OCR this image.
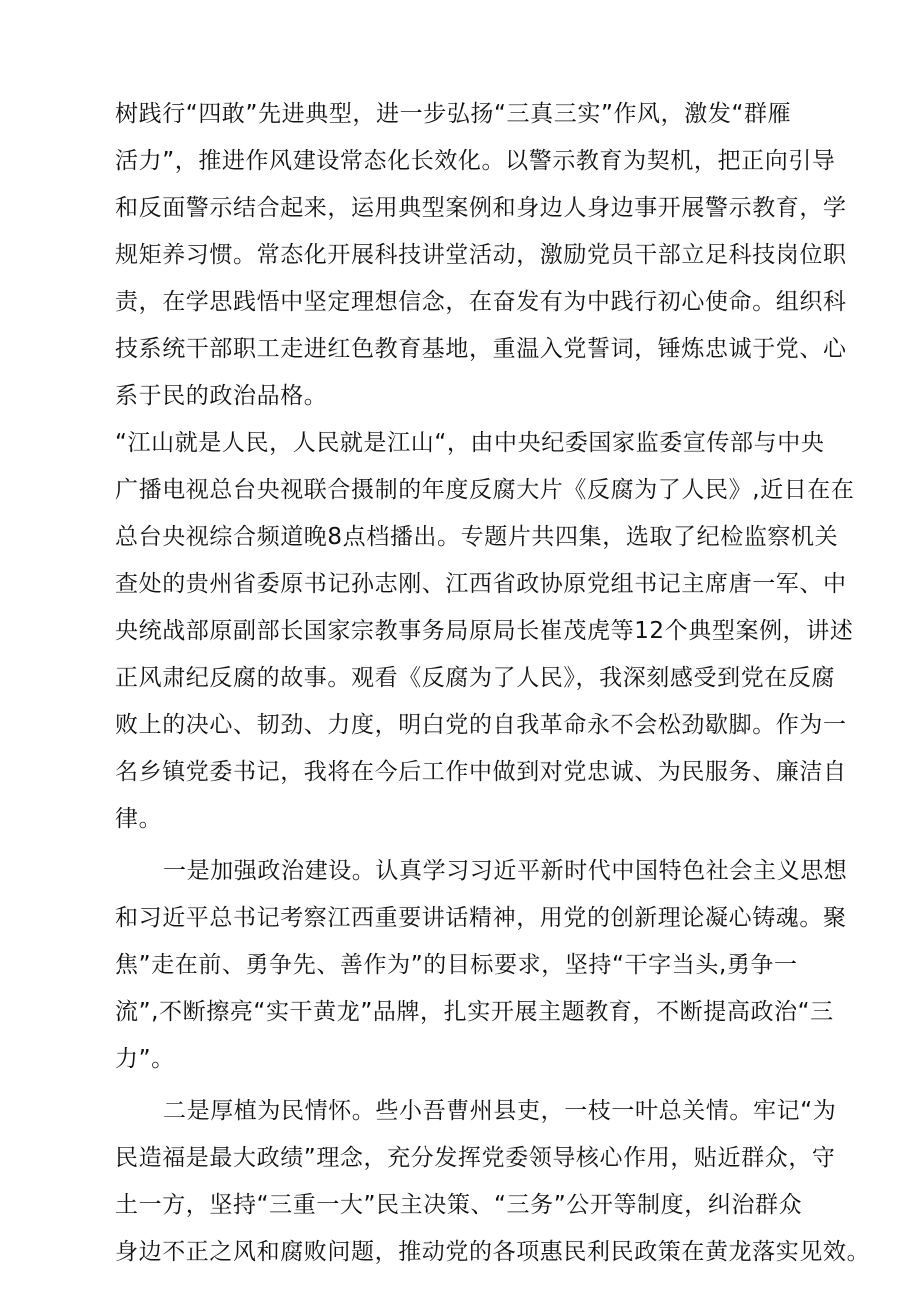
树践行“四敢”先进典型，进一步弘扬“三真三实”作风，激发“群雁
活力”，推进作风建设常态化长效化。以警示教育为契机，把正向引导
和反面警示结合起来，运用典型案例和身边人身边事开展警示教育，学
规矩养习惯。常态化开展科技讲堂活动，激励党员干部立足科技岗位职
责，在学思践悟中坚定理想信念，在奋发有为中践行初心使命。组织科
技系统干部职工走进红色教育基地，重温入党誓词，锤炼忠诚于党、心
系于民的政治品格。
“江山就是人民，人民就是江山“，由中央纪委国家监委宣传部与中央
广播电视总台央视联合摄制的年度反腐大片《反腐为了人民》,近日在在
总台央视综合频道晚8点档播出。专题片共四集，选取了纪检监察机关
查处的贵州省委原书记孙志刚、江西省政协原党组书记主席唐一军、中
央统战部原副部长国家宗教事务局原局长崔茂虎等12个典型案例，讲述
正风肃纪反腐的故事。观看《反腐为了人民》，我深刻感受到党在反腐
败上的决心、韧劲、力度，明白党的自我革命永不会松劲歇脚。作为一
名乡镇党委书记，我将在今后工作中做到对党忠诚、为民服务、廉洁自
律。
一是加强政治建设。认真学习习近平新时代中国特色社会主义思想
和习近平总书记考察江西重要讲话精神，用党的创新理论凝心铸魂。聚
焦”走在前、勇争先、善作为”的目标要求，坚持“干字当头,勇争一
流”,不断擦亮“实干黄龙”品牌，扎实开展主题教育，不断提高政治“三
力”。
二是厚植为民情怀。些小吾曹州县吏，一枝一叶总关情。牢记“为
民造福是最大政绩”理念，充分发挥党委领导核心作用，贴近群众，守
土一方，坚持“三重一大”民主决策、“三务”公开等制度，纠治群众
身边不正之风和腐败问题，推动党的各项惠民利民政策在黄龙落实见效。
